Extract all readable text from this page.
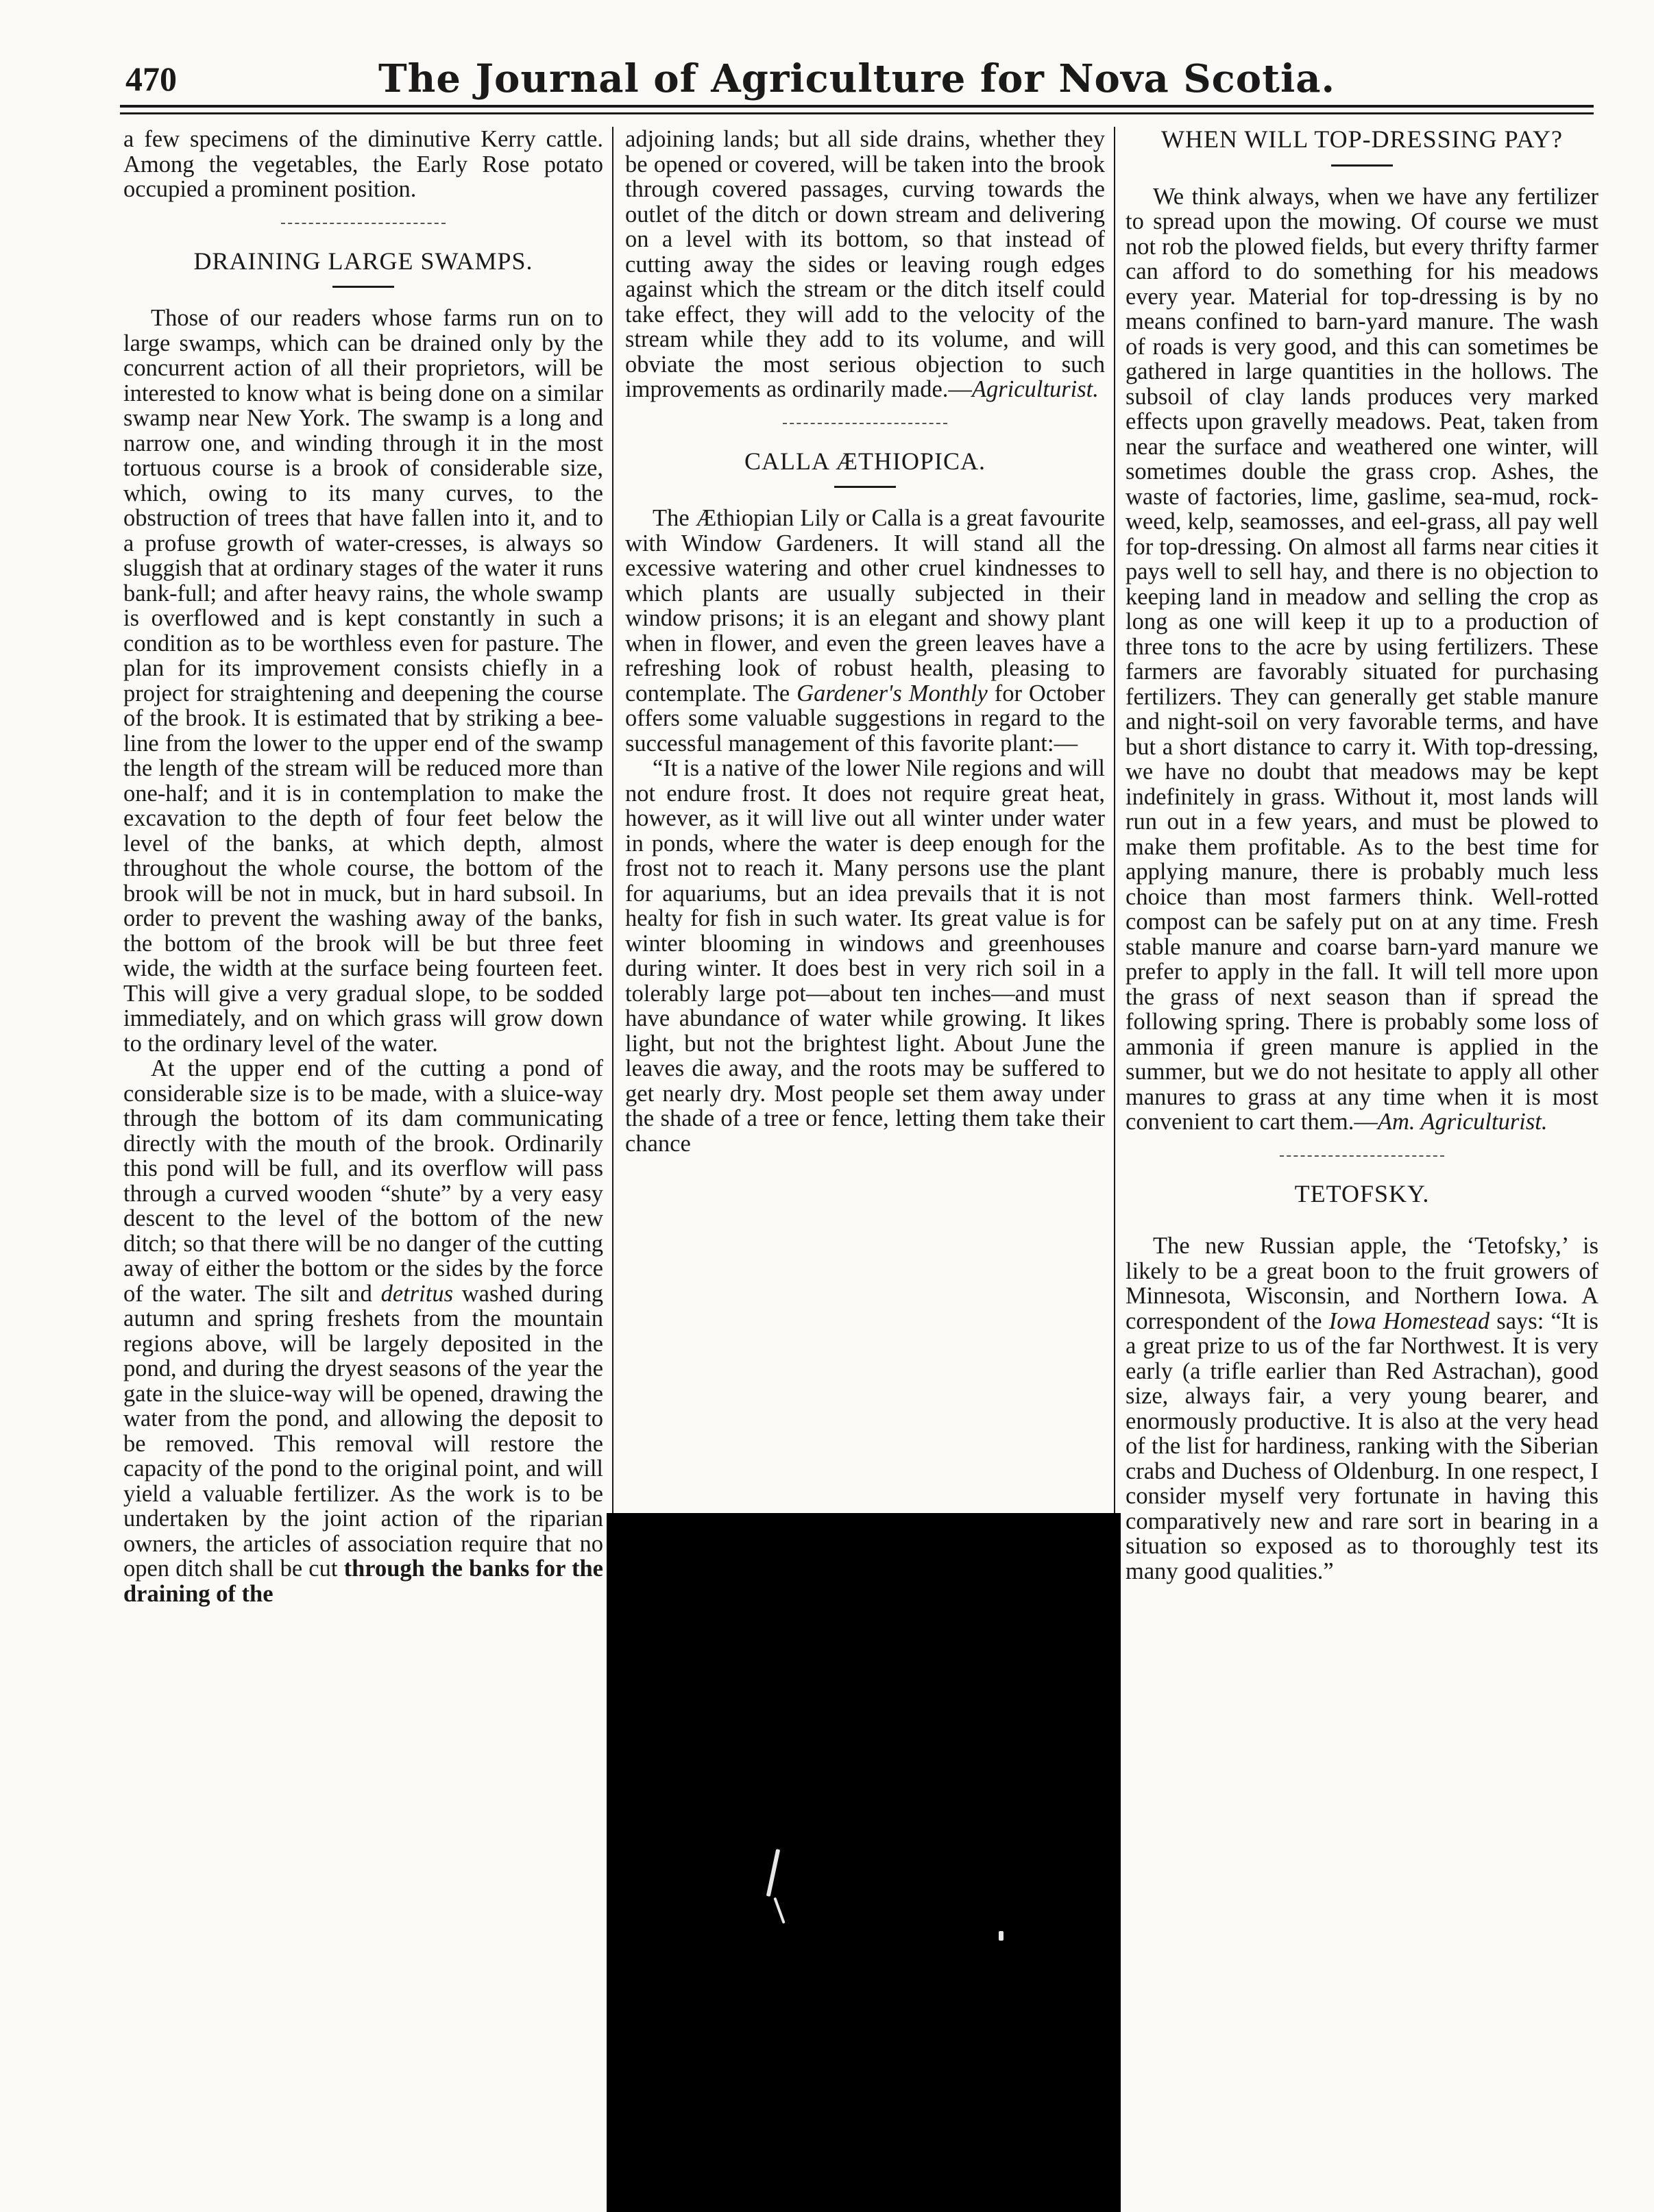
470	The Journal of Agriculture for Nova Scotia.

a few specimens of the diminutive Kerry cattle. Among the vegetables, the Early Rose potato occupied a prominent position.

DRAINING LARGE SWAMPS.

Those of our readers whose farms run on to large swamps, which can be drained only by the concurrent action of all their proprietors, will be interested to know what is being done on a similar swamp near New York. The swamp is a long and narrow one, and winding through it in the most tortuous course is a brook of considerable size, which, owing to its many curves, to the obstruction of trees that have fallen into it, and to a profuse growth of water-cresses, is always so sluggish that at ordinary stages of the water it runs bank-full; and after heavy rains, the whole swamp is overflowed and is kept constantly in such a condition as to be worthless even for pasture. The plan for its improvement consists chiefly in a project for straightening and deepening the course of the brook. It is estimated that by striking a bee-line from the lower to the upper end of the swamp the length of the stream will be reduced more than one-half; and it is in contemplation to make the excavation to the depth of four feet below the level of the banks, at which depth, almost throughout the whole course, the bottom of the brook will be not in muck, but in hard subsoil. In order to prevent the washing away of the banks, the bottom of the brook will be but three feet wide, the width at the surface being fourteen feet. This will give a very gradual slope, to be sodded immediately, and on which grass will grow down to the ordinary level of the water.

At the upper end of the cutting a pond of considerable size is to be made, with a sluice-way through the bottom of its dam communicating directly with the mouth of the brook. Ordinarily this pond will be full, and its overflow will pass through a curved wooden “shute” by a very easy descent to the level of the bottom of the new ditch; so that there will be no danger of the cutting away of either the bottom or the sides by the force of the water. The silt and detritus washed during autumn and spring freshets from the mountain regions above, will be largely deposited in the pond, and during the dryest seasons of the year the gate in the sluice-way will be opened, drawing the water from the pond, and allowing the deposit to be removed. This removal will restore the capacity of the pond to the original point, and will yield a valuable fertilizer. As the work is to be undertaken by the joint action of the riparian owners, the articles of association require that no open ditch shall be cut through the banks for the draining of the

adjoining lands; but all side drains, whether they be opened or covered, will be taken into the brook through covered passages, curving towards the outlet of the ditch or down stream and delivering on a level with its bottom, so that instead of cutting away the sides or leaving rough edges against which the stream or the ditch itself could take effect, they will add to the velocity of the stream while they add to its volume, and will obviate the most serious objection to such improvements as ordinarily made.—Agriculturist.

CALLA ÆTHIOPICA.

The Æthiopian Lily or Calla is a great favourite with Window Gardeners. It will stand all the excessive watering and other cruel kindnesses to which plants are usually subjected in their window prisons; it is an elegant and showy plant when in flower, and even the green leaves have a refreshing look of robust health, pleasing to contemplate. The Gardener's Monthly for October offers some valuable suggestions in regard to the successful management of this favorite plant:—

“It is a native of the lower Nile regions and will not endure frost. It does not require great heat, however, as it will live out all winter under water in ponds, where the water is deep enough for the frost not to reach it. Many persons use the plant for aquariums, but an idea prevails that it is not healty for fish in such water. Its great value is for winter blooming in windows and greenhouses during winter. It does best in very rich soil in a tolerably large pot—about ten inches—and must have abundance of water while growing. It likes light, but not the brightest light. About June the leaves die away, and the roots may be suffered to get nearly dry. Most people set them away under the shade of a tree or fence, letting them take their chance

WHEN WILL TOP-DRESSING PAY?

We think always, when we have any fertilizer to spread upon the mowing. Of course we must not rob the plowed fields, but every thrifty farmer can afford to do something for his meadows every year. Material for top-dressing is by no means confined to barn-yard manure. The wash of roads is very good, and this can sometimes be gathered in large quantities in the hollows. The subsoil of clay lands produces very marked effects upon gravelly meadows. Peat, taken from near the surface and weathered one winter, will sometimes double the grass crop. Ashes, the waste of factories, lime, gaslime, sea-mud, rock-weed, kelp, seamosses, and eel-grass, all pay well for top-dressing. On almost all farms near cities it pays well to sell hay, and there is no objection to keeping land in meadow and selling the crop as long as one will keep it up to a production of three tons to the acre by using fertilizers. These farmers are favorably situated for purchasing fertilizers. They can generally get stable manure and night-soil on very favorable terms, and have but a short distance to carry it. With top-dressing, we have no doubt that meadows may be kept indefinitely in grass. Without it, most lands will run out in a few years, and must be plowed to make them profitable. As to the best time for applying manure, there is probably much less choice than most farmers think. Well-rotted compost can be safely put on at any time. Fresh stable manure and coarse barn-yard manure we prefer to apply in the fall. It will tell more upon the grass of next season than if spread the following spring. There is probably some loss of ammonia if green manure is applied in the summer, but we do not hesitate to apply all other manures to grass at any time when it is most convenient to cart them.—Am. Agriculturist.

TETOFSKY.

The new Russian apple, the ‘Tetofsky,’ is likely to be a great boon to the fruit growers of Minnesota, Wisconsin, and Northern Iowa. A correspondent of the Iowa Homestead says: “It is a great prize to us of the far Northwest. It is very early (a trifle earlier than Red Astrachan), good size, always fair, a very young bearer, and enormously productive. It is also at the very head of the list for hardiness, ranking with the Siberian crabs and Duchess of Oldenburg. In one respect, I consider myself very fortunate in having this comparatively new and rare sort in bearing in a situation so exposed as to thoroughly test its many good qualities.”
